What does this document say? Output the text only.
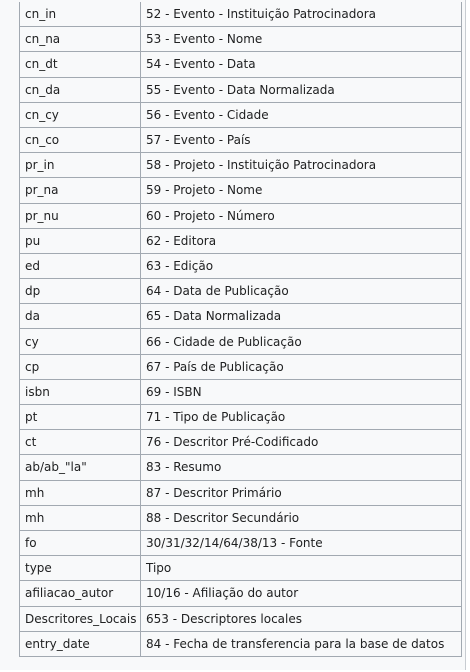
cn_in	52 - Evento - Instituição Patrocinadora
cn_na	53 - Evento - Nome
cn_dt	54 - Evento - Data
cn_da	55 - Evento - Data Normalizada
cn_cy	56 - Evento - Cidade
cn_co	57 - Evento - País
pr_in	58 - Projeto - Instituição Patrocinadora
pr_na	59 - Projeto - Nome
pr_nu	60 - Projeto - Número
pu	62 - Editora
ed	63 - Edição
dp	64 - Data de Publicação
da	65 - Data Normalizada
cy	66 - Cidade de Publicação
cp	67 - País de Publicação
isbn	69 - ISBN
pt	71 - Tipo de Publicação
ct	76 - Descritor Pré-Codificado
ab/ab_"la"	83 - Resumo
mh	87 - Descritor Primário
mh	88 - Descritor Secundário
fo	30/31/32/14/64/38/13 - Fonte
type	Tipo
afiliacao_autor	10/16 - Afiliação do autor
Descritores_Locais	653 - Descriptores locales
entry_date	84 - Fecha de transferencia para la base de datos
